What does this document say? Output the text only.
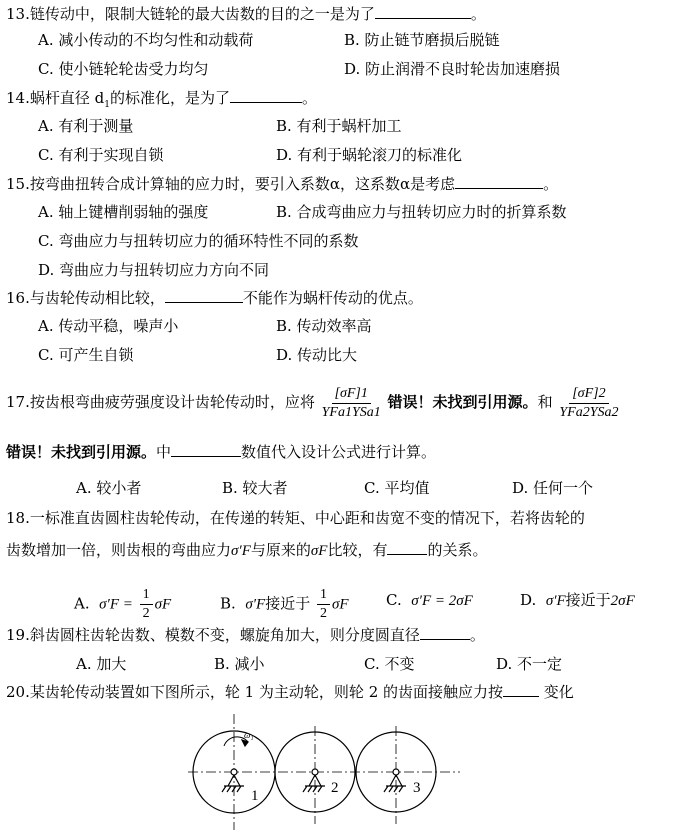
13.链传动中，限制大链轮的最大齿数的目的之一是为了	。
A. 减小传动的不均匀性和动载荷	B. 防止链节磨损后脱链
C. 使小链轮轮齿受力均匀	D. 防止润滑不良时轮齿加速磨损
14.蜗杆直径 $d_1$的标准化，是为了	。
A. 有利于测量	B. 有利于蜗杆加工
C. 有利于实现自锁	D. 有利于蜗轮滚刀的标准化
15.按弯曲扭转合成计算轴的应力时，要引入系数α，这系数α是考虑	。
A. 轴上键槽削弱轴的强度	B. 合成弯曲应力与扭转切应力时的折算系数
C. 弯曲应力与扭转切应力的循环特性不同的系数
D. 弯曲应力与扭转切应力方向不同
16.与齿轮传动相比较，	不能作为蜗杆传动的优点。
A. 传动平稳，噪声小	B. 传动效率高
C. 可产生自锁	D. 传动比大
17.按齿根弯曲疲劳强度设计齿轮传动时，应将 $\frac{[\sigma F]1}{\text{YFa1YSa1}}$ 错误！未找到引用源。和 $\frac{[\sigma F]2}{\text{YFa2YSa2}}$
错误！未找到引用源。中	数值代入设计公式进行计算。
A. 较小者	B. 较大者	C. 平均值	D. 任何一个
18.一标准直齿圆柱齿轮传动，在传递的转矩、中心距和齿宽不变的情况下，若将齿轮的
齿数增加一倍，则齿根的弯曲应力σ′F与原来的σF比较，有	的关系。
A. $\sigma'F = \frac{1}{2}$ σF	B. σ′F接近于 $\frac{1}{2}$ σF C. σ′F = 2σF	D. σ′F接近于2σF
19.斜齿圆柱齿轮齿数、模数不变，螺旋角加大，则分度圆直径	。
A. 加大	B. 减小	C. 不变	D. 不一定
20.某齿轮传动装置如下图所示，轮 1 为主动轮，则轮 2 的齿面接触应力按 变化
ω₁
1	2	3
